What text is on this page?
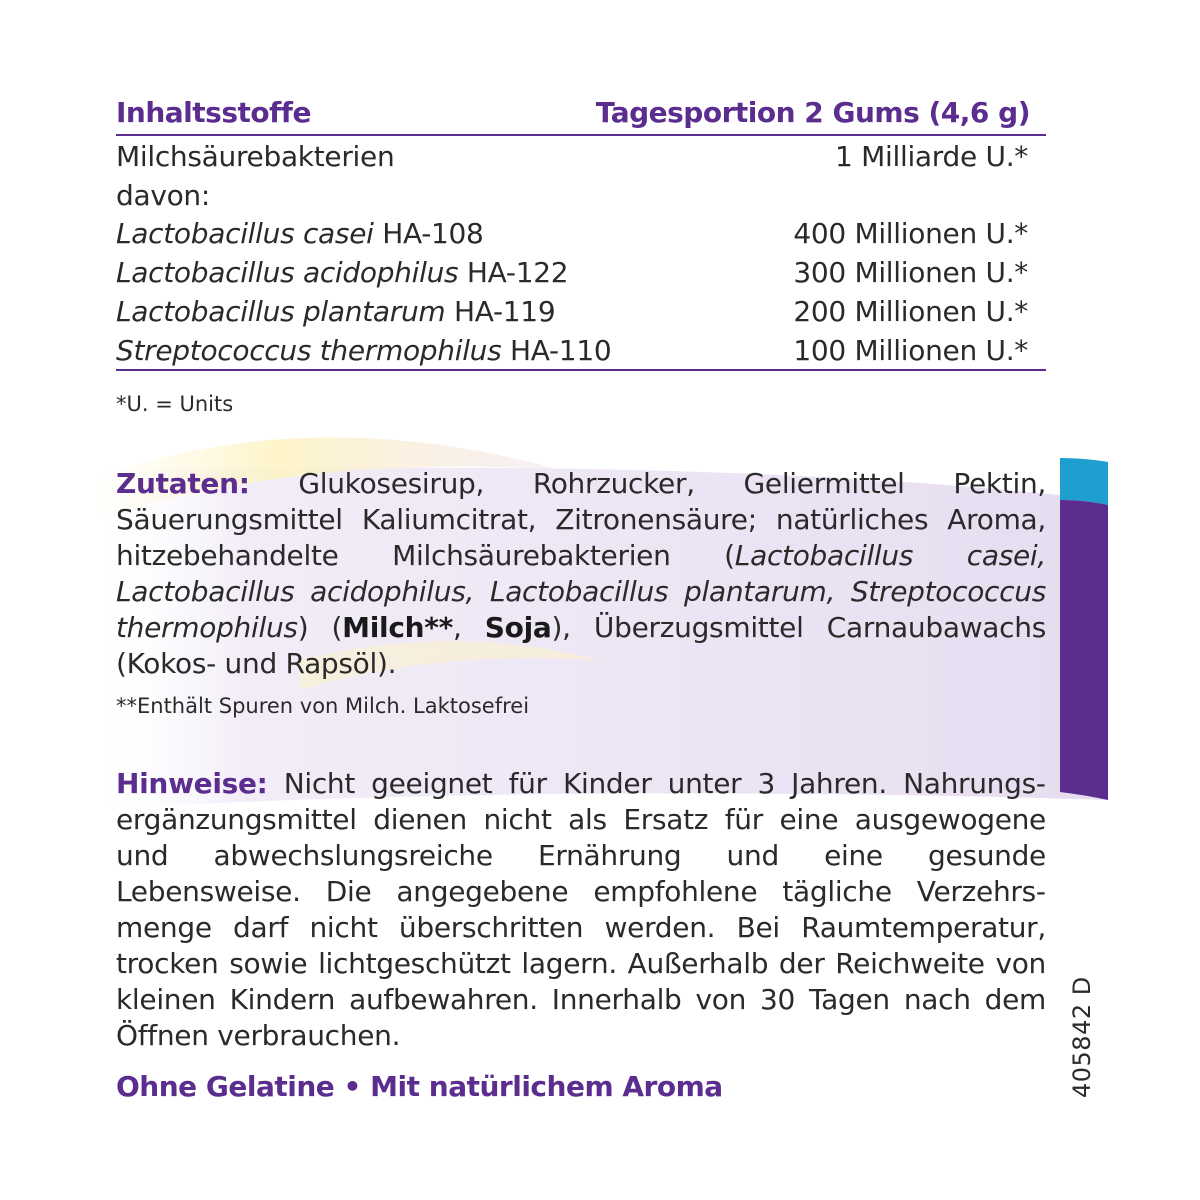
Inhaltsstoffe	Tagesportion 2 Gums (4,6 g)
Milchsäurebakterien	1 Milliarde U.*
davon:
Lactobacillus casei HA-108	400 Millionen U.*
Lactobacillus acidophilus HA-122	300 Millionen U.*
Lactobacillus plantarum HA-119	200 Millionen U.*
Streptococcus thermophilus HA-110	100 Millionen U.*
*U. = Units
Zutaten: Glukosesirup, Rohrzucker, Geliermittel Pektin, Säuerungsmittel Kaliumcitrat, Zitronensäure; natürliches Aroma, hitzebehandelte Milchsäurebakterien (Lactobacillus casei, Lactobacillus acidophilus, Lactobacillus plantarum, Streptococcus thermophilus) (Milch**, Soja), Überzugsmittel Carnaubawachs (Kokos- und Rapsöl).
**Enthält Spuren von Milch. Laktosefrei
Hinweise: Nicht geeignet für Kinder unter 3 Jahren. Nahrungsergänzungsmittel dienen nicht als Ersatz für eine ausgewogene und abwechslungsreiche Ernährung und eine gesunde Lebensweise. Die angegebene empfohlene tägliche Verzehrsmenge darf nicht überschritten werden. Bei Raumtemperatur, trocken sowie lichtgeschützt lagern. Außerhalb der Reichweite von kleinen Kindern aufbewahren. Innerhalb von 30 Tagen nach dem Öffnen verbrauchen.
Ohne Gelatine • Mit natürlichem Aroma	405842 D
